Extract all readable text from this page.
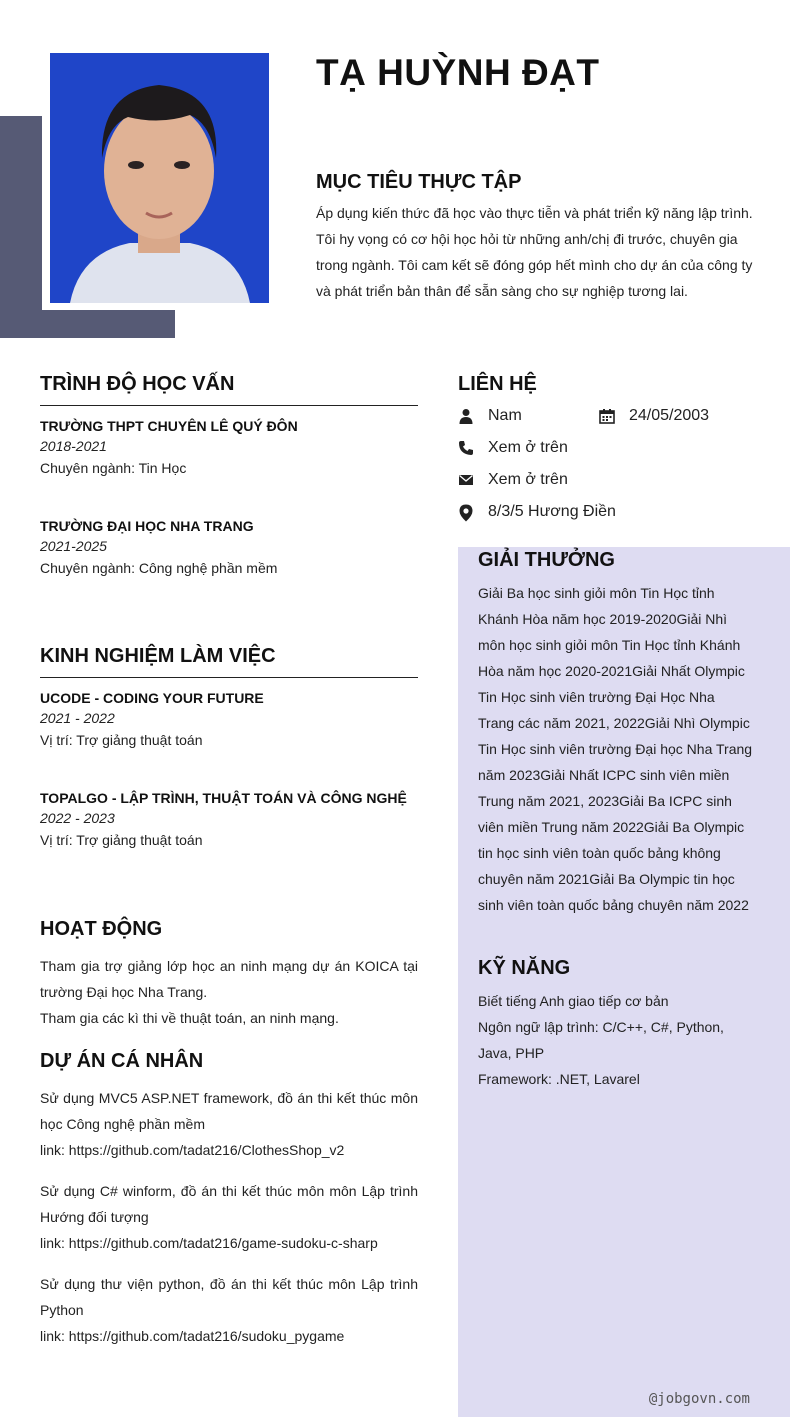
TẠ HUỲNH ĐẠT
MỤC TIÊU THỰC TẬP
Áp dụng kiến thức đã học vào thực tiễn và phát triển kỹ năng lập trình. Tôi hy vọng có cơ hội học hỏi từ những anh/chị đi trước, chuyên gia trong ngành. Tôi cam kết sẽ đóng góp hết mình cho dự án của công ty và phát triển bản thân để sẵn sàng cho sự nghiệp tương lai.
TRÌNH ĐỘ HỌC VẤN
TRƯỜNG THPT CHUYÊN LÊ QUÝ ĐÔN
2018-2021
Chuyên ngành: Tin Học
TRƯỜNG ĐẠI HỌC NHA TRANG
2021-2025
Chuyên ngành: Công nghệ phần mềm
KINH NGHIỆM LÀM VIỆC
UCODE - CODING YOUR FUTURE
2021 - 2022
Vị trí: Trợ giảng thuật toán
TOPALGO - LẬP TRÌNH, THUẬT TOÁN VÀ CÔNG NGHỆ
2022 - 2023
Vị trí: Trợ giảng thuật toán
HOẠT ĐỘNG
Tham gia trợ giảng lớp học an ninh mạng dự án KOICA tại trường Đại học Nha Trang.
Tham gia các kì thi về thuật toán, an ninh mạng.
DỰ ÁN CÁ NHÂN
Sử dụng MVC5 ASP.NET framework, đồ án thi kết thúc môn học Công nghệ phần mềm
link: https://github.com/tadat216/ClothesShop_v2
Sử dụng C# winform, đồ án thi kết thúc môn môn Lập trình Hướng đối tượng
link: https://github.com/tadat216/game-sudoku-c-sharp
Sử dụng thư viện python, đồ án thi kết thúc môn Lập trình Python
link: https://github.com/tadat216/sudoku_pygame
LIÊN HỆ
Nam	24/05/2003
Xem ở trên
Xem ở trên
8/3/5 Hương Điền
GIẢI THƯỞNG
Giải Ba học sinh giỏi môn Tin Học tỉnh Khánh Hòa năm học 2019-2020Giải Nhì môn học sinh giỏi môn Tin Học tỉnh Khánh Hòa năm học 2020-2021Giải Nhất Olympic Tin Học sinh viên trường Đại Học Nha Trang các năm 2021, 2022Giải Nhì Olympic Tin Học sinh viên trường Đại học Nha Trang năm 2023Giải Nhất ICPC sinh viên miền Trung năm 2021, 2023Giải Ba ICPC sinh viên miền Trung năm 2022Giải Ba Olympic tin học sinh viên toàn quốc bảng không chuyên năm 2021Giải Ba Olympic tin học sinh viên toàn quốc bảng chuyên năm 2022
KỸ NĂNG
Biết tiếng Anh giao tiếp cơ bản
Ngôn ngữ lập trình: C/C++, C#, Python, Java, PHP
Framework: .NET, Lavarel
@jobgovn.com
